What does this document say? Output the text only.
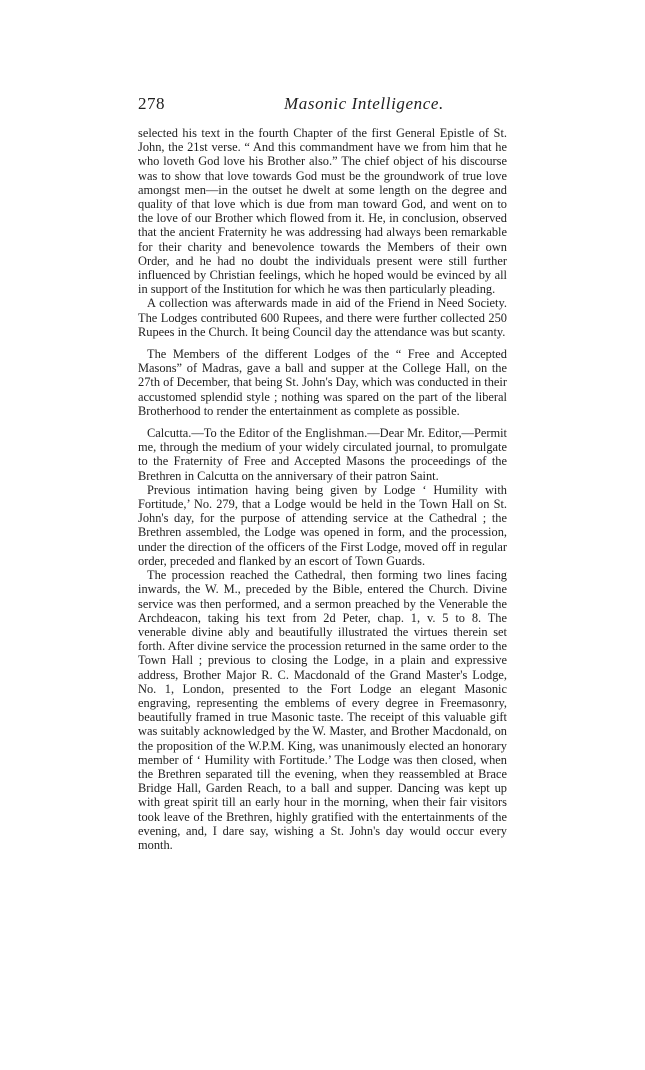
278	Masonic Intelligence.

selected his text in the fourth Chapter of the first General Epistle of St. John, the 21st verse. “ And this commandment have we from him that he who loveth God love his Brother also.” The chief object of his discourse was to show that love towards God must be the groundwork of true love amongst men—in the outset he dwelt at some length on the degree and quality of that love which is due from man toward God, and went on to the love of our Brother which flowed from it. He, in conclusion, observed that the ancient Fraternity he was addressing had always been remarkable for their charity and benevolence towards the Members of their own Order, and he had no doubt the individuals present were still further influenced by Christian feelings, which he hoped would be evinced by all in support of the Institution for which he was then particularly pleading.

A collection was afterwards made in aid of the Friend in Need Society. The Lodges contributed 600 Rupees, and there were further collected 250 Rupees in the Church. It being Council day the attendance was but scanty.

The Members of the different Lodges of the “ Free and Accepted Masons” of Madras, gave a ball and supper at the College Hall, on the 27th of December, that being St. John's Day, which was conducted in their accustomed splendid style ; nothing was spared on the part of the liberal Brotherhood to render the entertainment as complete as possible.

Calcutta.—To the Editor of the Englishman.—Dear Mr. Editor,—Permit me, through the medium of your widely circulated journal, to promulgate to the Fraternity of Free and Accepted Masons the proceedings of the Brethren in Calcutta on the anniversary of their patron Saint.

Previous intimation having being given by Lodge ‘ Humility with Fortitude,’ No. 279, that a Lodge would be held in the Town Hall on St. John's day, for the purpose of attending service at the Cathedral ; the Brethren assembled, the Lodge was opened in form, and the procession, under the direction of the officers of the First Lodge, moved off in regular order, preceded and flanked by an escort of Town Guards.

The procession reached the Cathedral, then forming two lines facing inwards, the W. M., preceded by the Bible, entered the Church. Divine service was then performed, and a sermon preached by the Venerable the Archdeacon, taking his text from 2d Peter, chap. 1, v. 5 to 8. The venerable divine ably and beautifully illustrated the virtues therein set forth. After divine service the procession returned in the same order to the Town Hall ; previous to closing the Lodge, in a plain and expressive address, Brother Major R. C. Macdonald of the Grand Master's Lodge, No. 1, London, presented to the Fort Lodge an elegant Masonic engraving, representing the emblems of every degree in Freemasonry, beautifully framed in true Masonic taste. The receipt of this valuable gift was suitably acknowledged by the W. Master, and Brother Macdonald, on the proposition of the W.P.M. King, was unanimously elected an honorary member of ‘ Humility with Fortitude.’ The Lodge was then closed, when the Brethren separated till the evening, when they reassembled at Brace Bridge Hall, Garden Reach, to a ball and supper. Dancing was kept up with great spirit till an early hour in the morning, when their fair visitors took leave of the Brethren, highly gratified with the entertainments of the evening, and, I dare say, wishing a St. John's day would occur every month.
